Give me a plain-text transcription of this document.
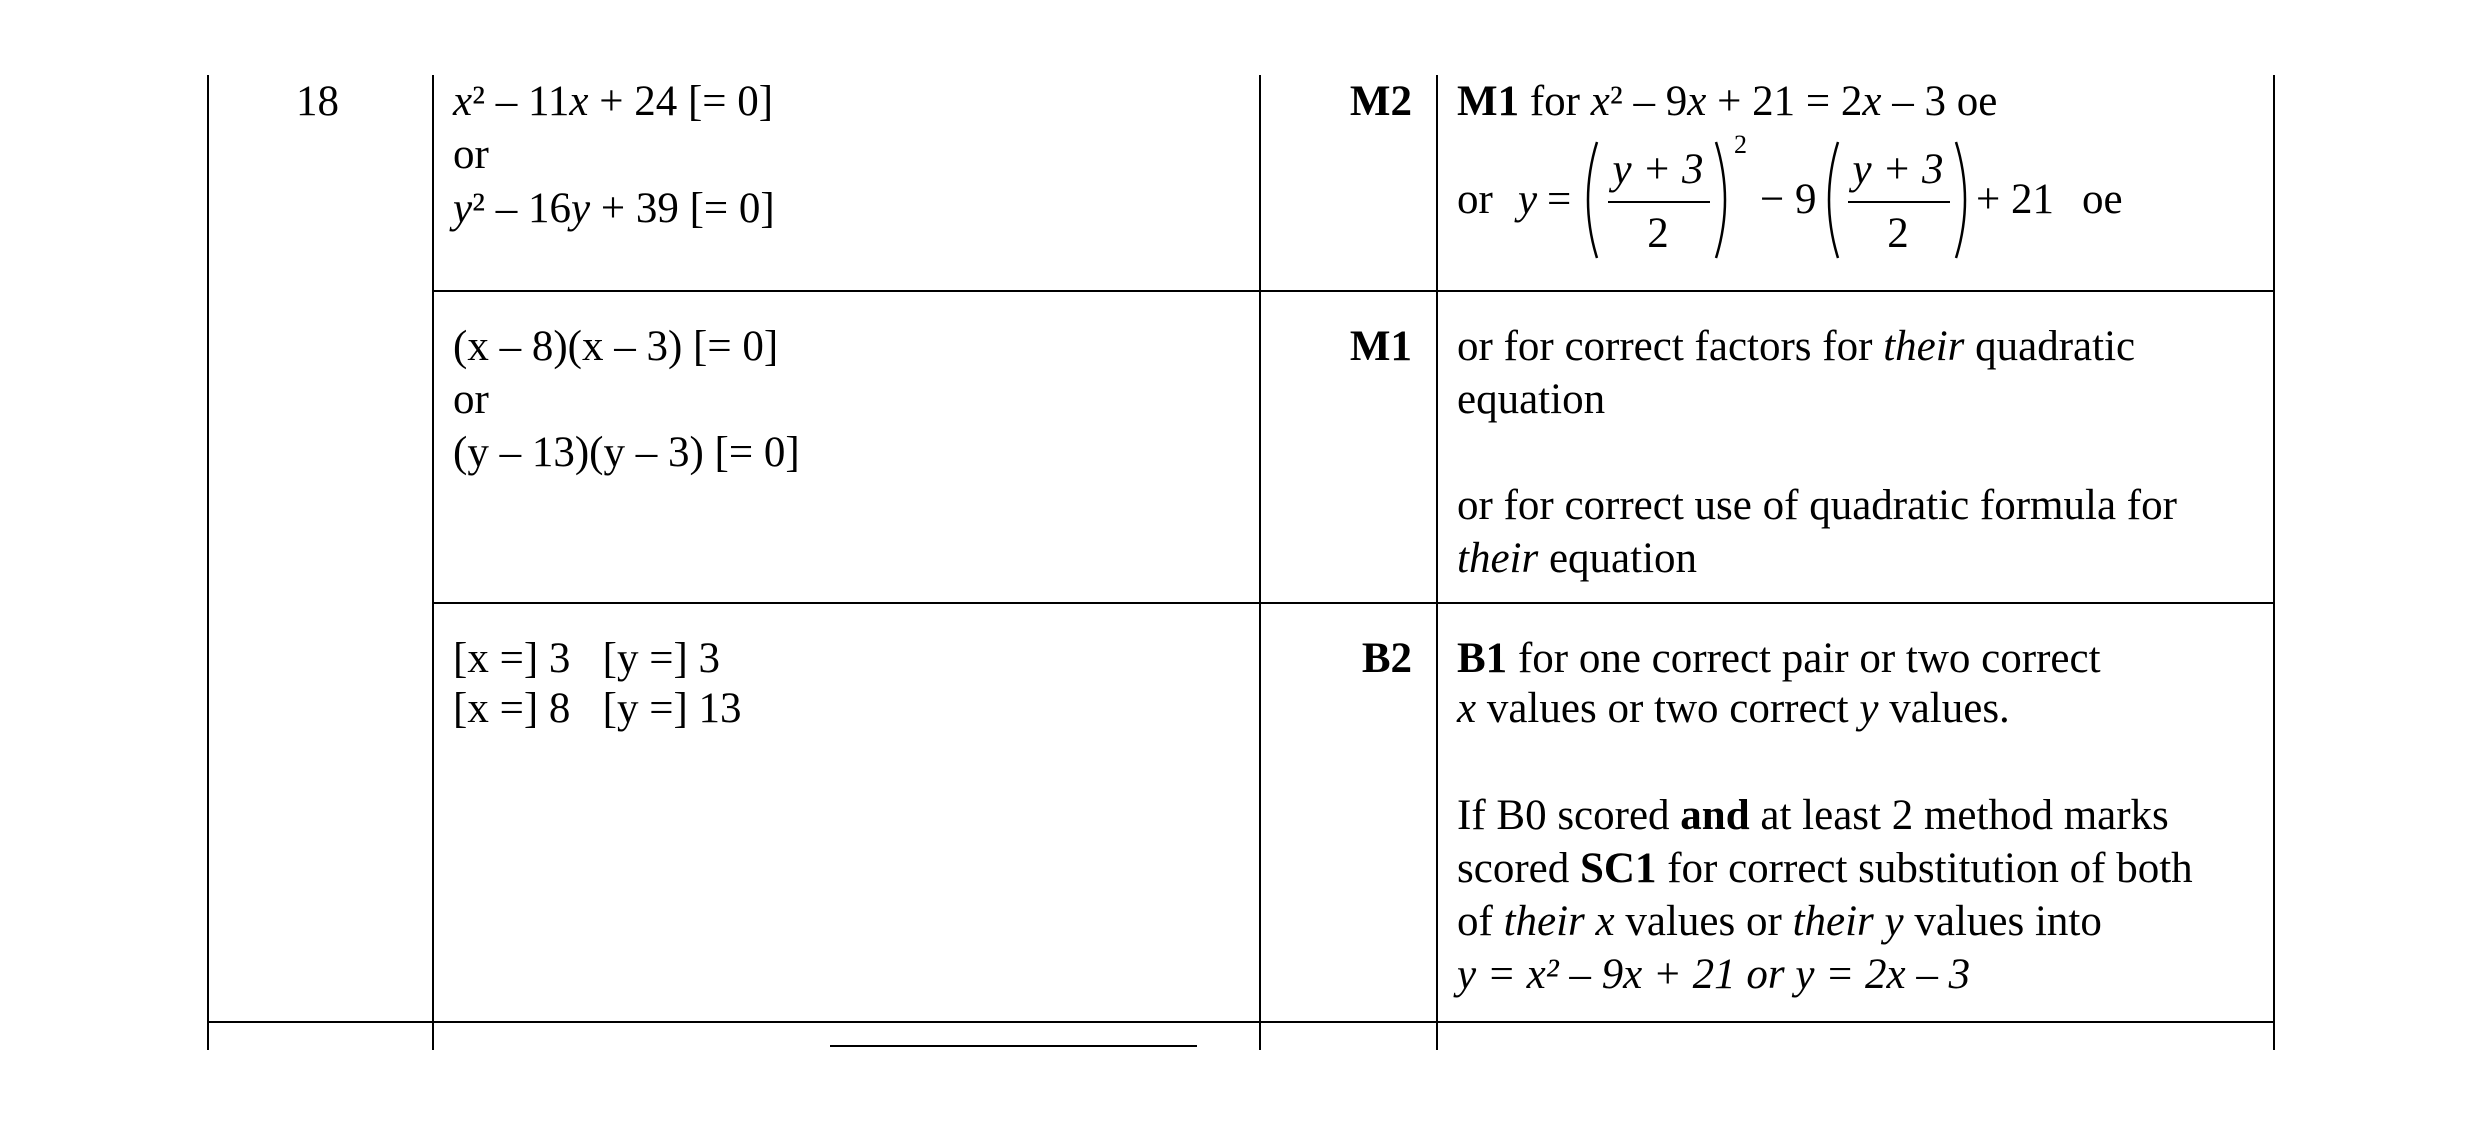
18	x² – 11x + 24 [= 0]
or
y² – 16y + 39 [= 0]
M2 M1 for x² – 9x + 21 = 2x – 3 oe
or y =
y + 3
2
2
− 9
y + 3
2
+ 21 oe
(x – 8)(x – 3) [= 0]
or
(y – 13)(y – 3) [= 0]
M1 or for correct factors for their quadratic
equation
or for correct use of quadratic formula for
their equation
[x =] 3   [y =] 3
[x =] 8   [y =] 13
B2 B1 for one correct pair or two correct
x values or two correct y values.
If B0 scored and at least 2 method marks
scored SC1 for correct substitution of both
of their x values or their y values into
y = x² – 9x + 21 or y = 2x – 3
